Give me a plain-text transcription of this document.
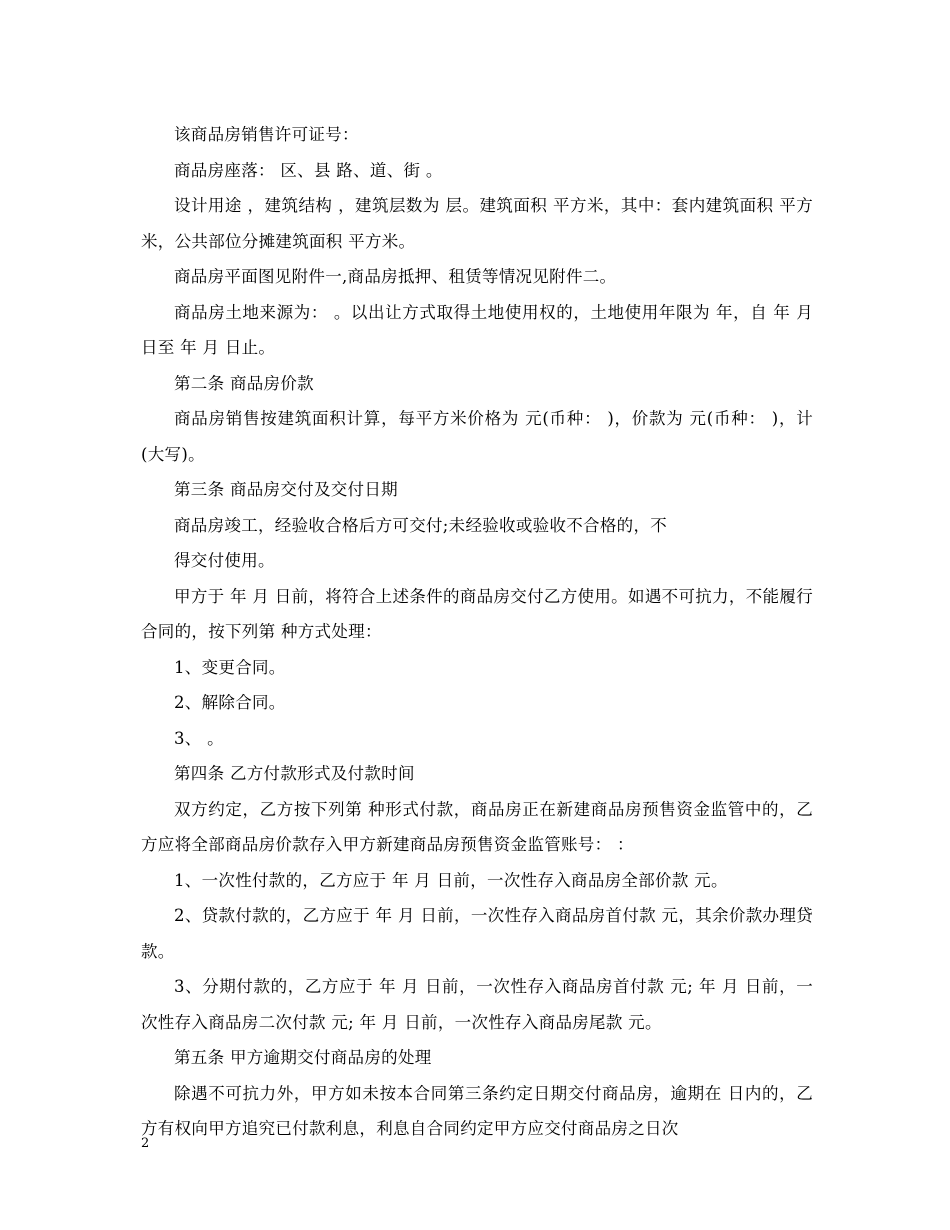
该商品房销售许可证号：

商品房座落： 区、县 路、道、街 。

设计用途 ，建筑结构 ，建筑层数为 层。建筑面积 平方米，其中：套内建筑面积 平方米，公共部位分摊建筑面积 平方米。

商品房平面图见附件一,商品房抵押、租赁等情况见附件二。

商品房土地来源为： 。以出让方式取得土地使用权的，土地使用年限为 年，自 年 月 日至 年 月 日止。

第二条 商品房价款

商品房销售按建筑面积计算，每平方米价格为 元(币种： )，价款为 元(币种： )，计 (大写)。

第三条 商品房交付及交付日期

商品房竣工，经验收合格后方可交付;未经验收或验收不合格的，不

得交付使用。

甲方于 年 月 日前，将符合上述条件的商品房交付乙方使用。如遇不可抗力，不能履行合同的，按下列第 种方式处理：

1、变更合同。

2、解除合同。

3、 。

第四条 乙方付款形式及付款时间

双方约定，乙方按下列第 种形式付款，商品房正在新建商品房预售资金监管中的，乙方应将全部商品房价款存入甲方新建商品房预售资金监管账号： ：

1、一次性付款的，乙方应于 年 月 日前，一次性存入商品房全部价款 元。

2、贷款付款的，乙方应于 年 月 日前，一次性存入商品房首付款 元，其余价款办理贷款。

3、分期付款的，乙方应于 年 月 日前，一次性存入商品房首付款 元; 年 月 日前，一次性存入商品房二次付款 元; 年 月 日前，一次性存入商品房尾款 元。

第五条 甲方逾期交付商品房的处理

除遇不可抗力外，甲方如未按本合同第三条约定日期交付商品房，逾期在 日内的，乙方有权向甲方追究已付款利息，利息自合同约定甲方应交付商品房之日次

2
